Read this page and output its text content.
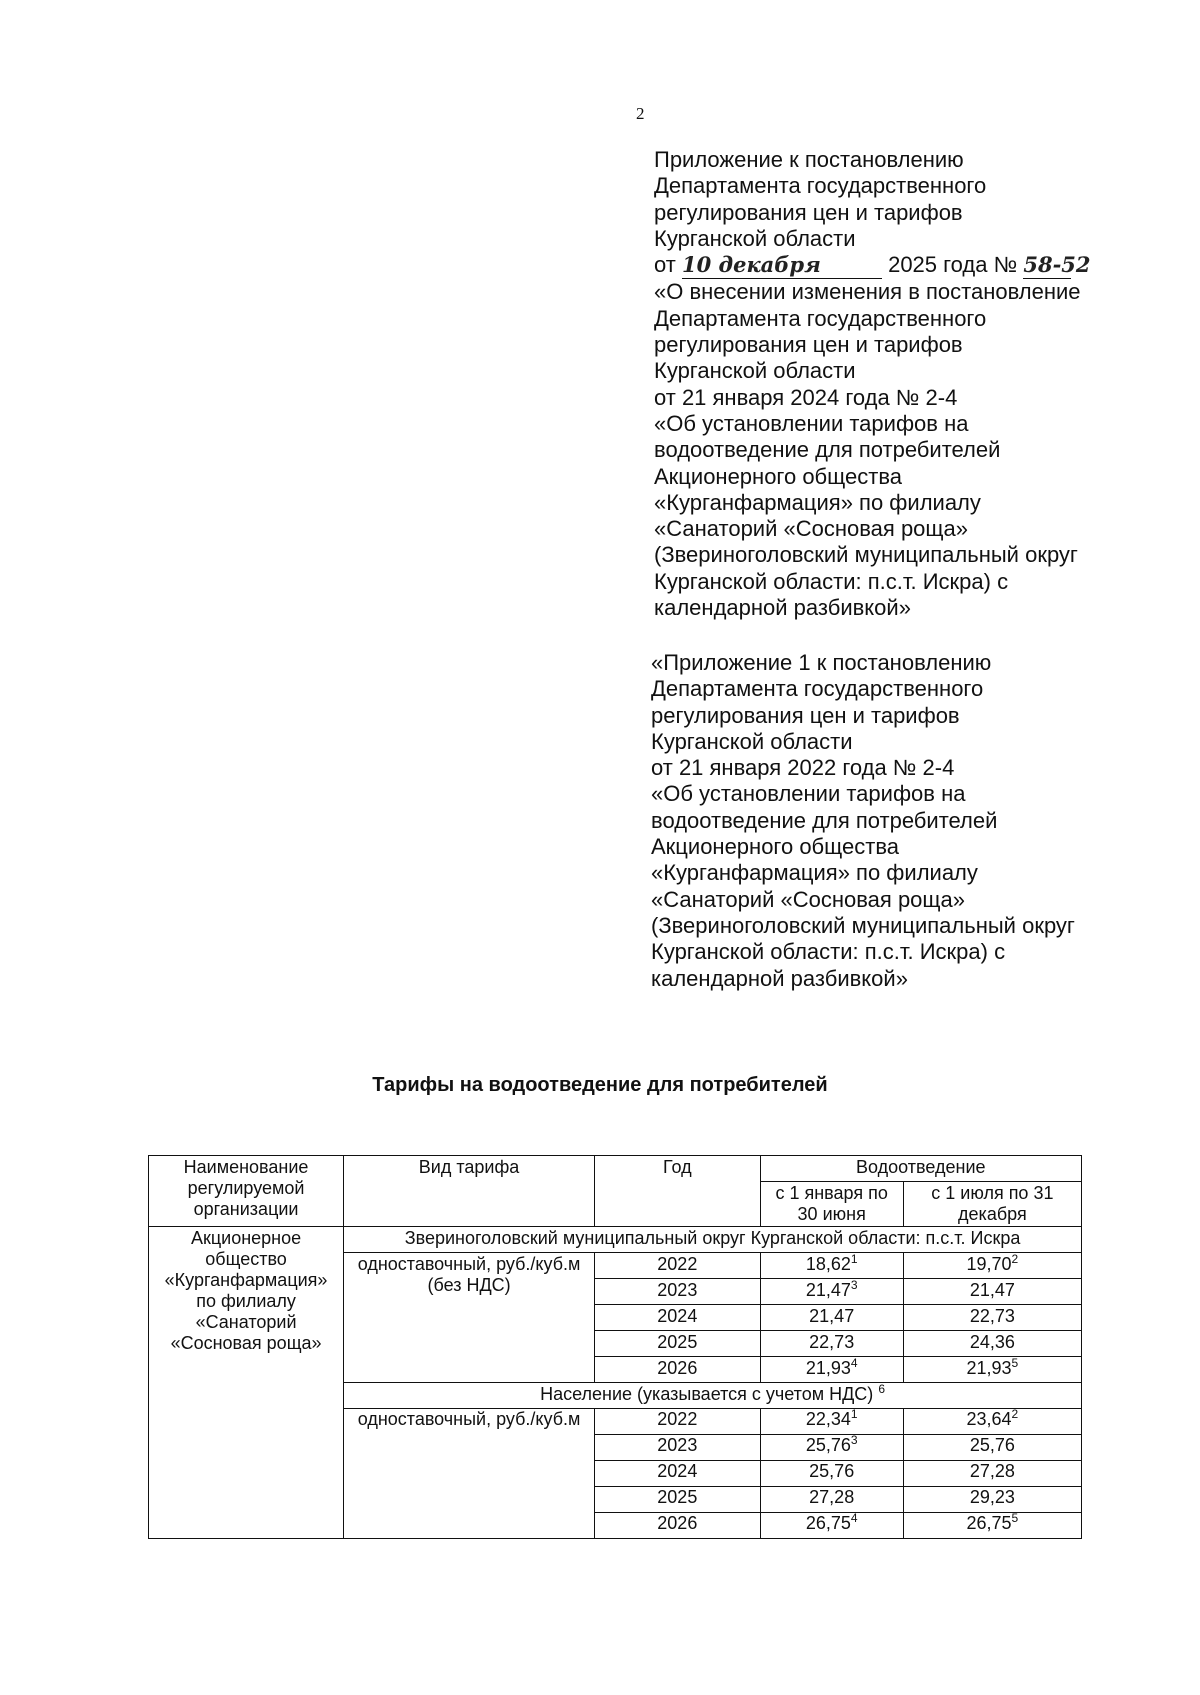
2
Приложение к постановлению
Департамента государственного
регулирования цен и тарифов
Курганской области
от 10 декабря	2025 года № 58-52
«О внесении изменения в постановление
Департамента государственного
регулирования цен и тарифов
Курганской области
от 21 января 2024 года № 2-4
«Об установлении тарифов на
водоотведение для потребителей
Акционерного общества
«Курганфармация» по филиалу
«Санаторий «Сосновая роща»
(Звериноголовский муниципальный округ
Курганской области: п.с.т. Искра) с
календарной разбивкой»
«Приложение 1 к постановлению
Департамента государственного
регулирования цен и тарифов
Курганской области
от 21 января 2022 года № 2-4
«Об установлении тарифов на
водоотведение для потребителей
Акционерного общества
«Курганфармация» по филиалу
«Санаторий «Сосновая роща»
(Звериноголовский муниципальный округ
Курганской области: п.с.т. Искра) с
календарной разбивкой»
Тарифы на водоотведение для потребителей
Наименование регулируемой организации	Вид тарифа	Год	Водоотведение	
			с 1 января по 30 июня	с 1 июля по 31 декабря
Акционерное общество «Курганфармация» по филиалу «Санаторий «Сосновая роща»	Звериноголовский муниципальный округ Курганской области: п.с.т. Искра			
	одноставочный, руб./куб.м (без НДС)	2022	18,62$^1$	19,70$^2$
		2023	21,47$^3$	21,47
		2024	21,47	22,73
		2025	22,73	24,36
		2026	21,93$^4$	21,93$^5$
	Население (указывается с учетом НДС) $^6$
	одноставочный, руб./куб.м	2022	22,34$^1$	23,64$^2$
		2023	25,76$^3$	25,76
		2024	25,76	27,28
		2025	27,28	29,23
		2026	26,75$^4$	26,75$^5$
